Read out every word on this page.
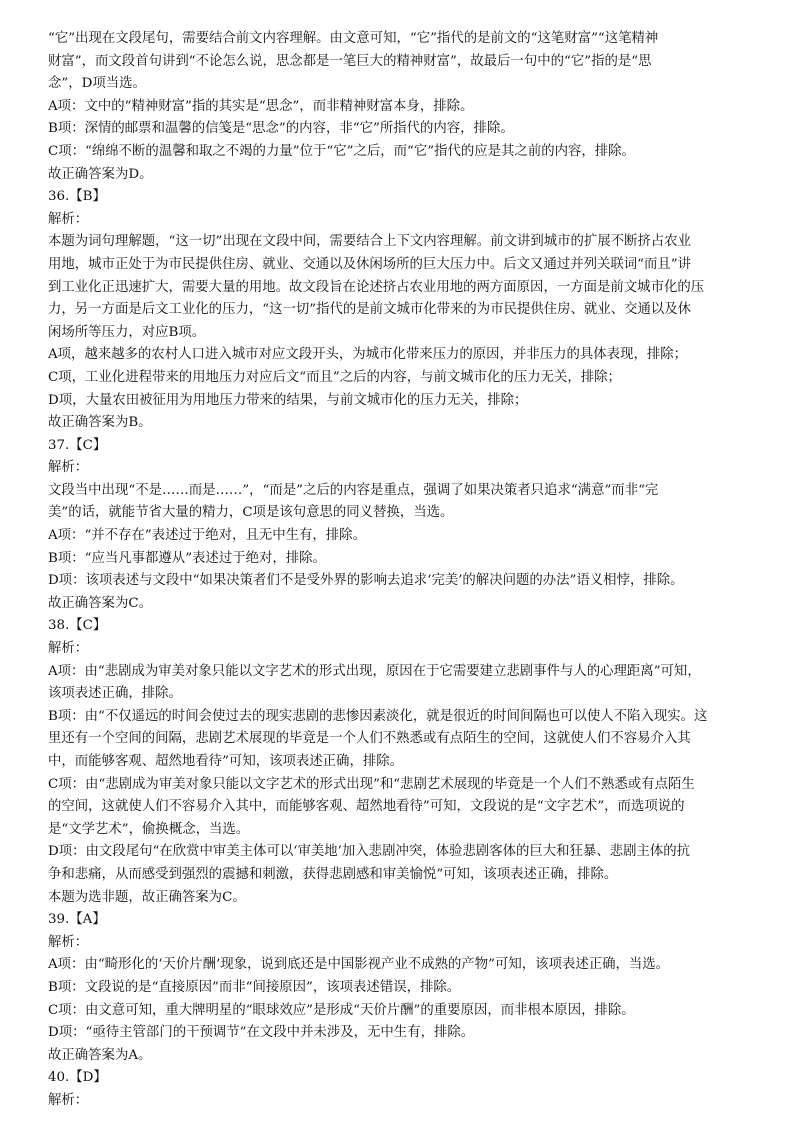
“它”出现在文段尾句，需要结合前文内容理解。由文意可知，“它”指代的是前文的“这笔财富”“这笔精神
财富”，而文段首句讲到“不论怎么说，思念都是一笔巨大的精神财富”，故最后一句中的“它”指的是“思
念”，D项当选。
A项：文中的“精神财富”指的其实是“思念”，而非精神财富本身，排除。
B项：深情的邮票和温馨的信笺是“思念”的内容，非“它”所指代的内容，排除。
C项：“绵绵不断的温馨和取之不竭的力量”位于“它”之后，而“它”指代的应是其之前的内容，排除。
故正确答案为D。
36.【B】
解析：
本题为词句理解题，“这一切”出现在文段中间，需要结合上下文内容理解。前文讲到城市的扩展不断挤占农业
用地，城市正处于为市民提供住房、就业、交通以及休闲场所的巨大压力中。后文又通过并列关联词“而且”讲
到工业化正迅速扩大，需要大量的用地。故文段旨在论述挤占农业用地的两方面原因，一方面是前文城市化的压
力，另一方面是后文工业化的压力，“这一切”指代的是前文城市化带来的为市民提供住房、就业、交通以及休
闲场所等压力，对应B项。
A项，越来越多的农村人口进入城市对应文段开头，为城市化带来压力的原因，并非压力的具体表现，排除；
C项，工业化进程带来的用地压力对应后文“而且”之后的内容，与前文城市化的压力无关，排除；
D项，大量农田被征用为用地压力带来的结果，与前文城市化的压力无关，排除；
故正确答案为B。
37.【C】
解析：
文段当中出现“不是……而是……”，“而是”之后的内容是重点，强调了如果决策者只追求“满意”而非“完
美”的话，就能节省大量的精力，C项是该句意思的同义替换，当选。
A项：“并不存在”表述过于绝对，且无中生有，排除。
B项：“应当凡事都遵从”表述过于绝对，排除。
D项：该项表述与文段中“如果决策者们不是受外界的影响去追求‘完美’的解决问题的办法”语义相悖，排除。
故正确答案为C。
38.【C】
解析：
A项：由“悲剧成为审美对象只能以文字艺术的形式出现，原因在于它需要建立悲剧事件与人的心理距离”可知，
该项表述正确，排除。
B项：由“不仅遥远的时间会使过去的现实悲剧的悲惨因素淡化，就是很近的时间间隔也可以使人不陷入现实。这
里还有一个空间的间隔，悲剧艺术展现的毕竟是一个人们不熟悉或有点陌生的空间，这就使人们不容易介入其
中，而能够客观、超然地看待”可知，该项表述正确，排除。
C项：由“悲剧成为审美对象只能以文字艺术的形式出现”和“悲剧艺术展现的毕竟是一个人们不熟悉或有点陌生
的空间，这就使人们不容易介入其中，而能够客观、超然地看待”可知，文段说的是“文字艺术”，而选项说的
是“文学艺术”，偷换概念，当选。
D项：由文段尾句“在欣赏中审美主体可以‘审美地’加入悲剧冲突，体验悲剧客体的巨大和狂暴、悲剧主体的抗
争和悲痛，从而感受到强烈的震撼和刺激，获得悲剧感和审美愉悦”可知，该项表述正确，排除。
本题为选非题，故正确答案为C。
39.【A】
解析：
A项：由“畸形化的‘天价片酬’现象，说到底还是中国影视产业不成熟的产物”可知，该项表述正确，当选。
B项：文段说的是“直接原因”而非“间接原因”，该项表述错误，排除。
C项：由文意可知，重大牌明星的“眼球效应”是形成“天价片酬”的重要原因，而非根本原因，排除。
D项：“亟待主管部门的干预调节”在文段中并未涉及，无中生有，排除。
故正确答案为A。
40.【D】
解析：
